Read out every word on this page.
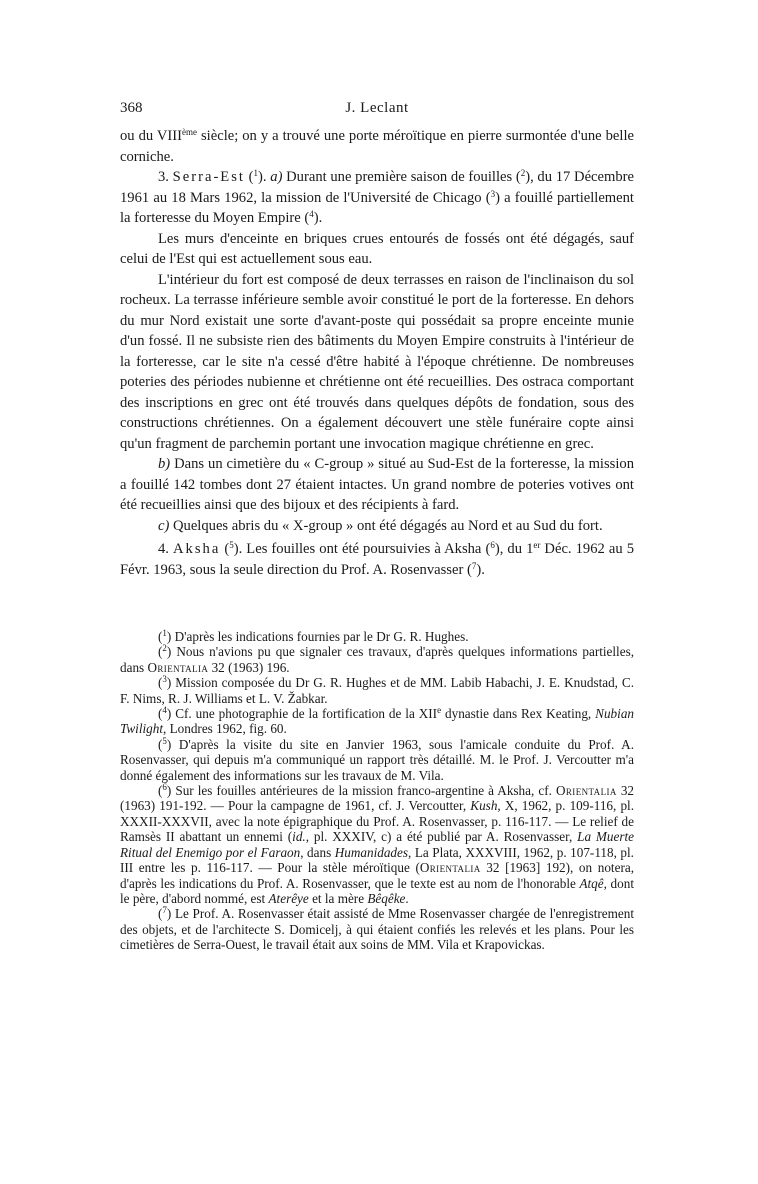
368	J. Leclant

ou du VIIIème siècle; on y a trouvé une porte méroïtique en pierre surmontée d'une belle corniche.

3. Serra-Est ($^1$). a) Durant une première saison de fouilles ($^2$), du 17 Décembre 1961 au 18 Mars 1962, la mission de l'Université de Chicago ($^3$) a fouillé partiellement la forteresse du Moyen Empire ($^4$).

Les murs d'enceinte en briques crues entourés de fossés ont été dégagés, sauf celui de l'Est qui est actuellement sous eau.

L'intérieur du fort est composé de deux terrasses en raison de l'inclinaison du sol rocheux. La terrasse inférieure semble avoir constitué le port de la forteresse. En dehors du mur Nord existait une sorte d'avant-poste qui possédait sa propre enceinte munie d'un fossé. Il ne subsiste rien des bâtiments du Moyen Empire construits à l'intérieur de la forteresse, car le site n'a cessé d'être habité à l'époque chrétienne. De nombreuses poteries des périodes nubienne et chrétienne ont été recueillies. Des ostraca comportant des inscriptions en grec ont été trouvés dans quelques dépôts de fondation, sous des constructions chrétiennes. On a également découvert une stèle funéraire copte ainsi qu'un fragment de parchemin portant une invocation magique chrétienne en grec.

b) Dans un cimetière du « C-group » situé au Sud-Est de la forteresse, la mission a fouillé 142 tombes dont 27 étaient intactes. Un grand nombre de poteries votives ont été recueillies ainsi que des bijoux et des récipients à fard.

c) Quelques abris du « X-group » ont été dégagés au Nord et au Sud du fort.

4. Aksha ($^5$). Les fouilles ont été poursuivies à Aksha ($^6$), du 1er Déc. 1962 au 5 Févr. 1963, sous la seule direction du Prof. A. Rosenvasser ($^7$).

($^1$) D'après les indications fournies par le Dr G. R. Hughes.

($^2$) Nous n'avions pu que signaler ces travaux, d'après quelques informations partielles, dans Orientalia 32 (1963) 196.

($^3$) Mission composée du Dr G. R. Hughes et de MM. Labib Habachi, J. E. Knudstad, C. F. Nims, R. J. Williams et L. V. Žabkar.

($^4$) Cf. une photographie de la fortification de la XIIe dynastie dans Rex Keating, Nubian Twilight, Londres 1962, fig. 60.

($^5$) D'après la visite du site en Janvier 1963, sous l'amicale conduite du Prof. A. Rosenvasser, qui depuis m'a communiqué un rapport très détaillé. M. le Prof. J. Vercoutter m'a donné également des informations sur les travaux de M. Vila.

($^6$) Sur les fouilles antérieures de la mission franco-argentine à Aksha, cf. Orientalia 32 (1963) 191-192. — Pour la campagne de 1961, cf. J. Vercoutter, Kush, X, 1962, p. 109-116, pl. XXXII-XXXVII, avec la note épigraphique du Prof. A. Rosenvasser, p. 116-117. — Le relief de Ramsès II abattant un ennemi (id., pl. XXXIV, c) a été publié par A. Rosenvasser, La Muerte Ritual del Enemigo por el Faraon, dans Humanidades, La Plata, XXXVIII, 1962, p. 107-118, pl. III entre les p. 116-117. — Pour la stèle méroïtique (Orientalia 32 [1963] 192), on notera, d'après les indications du Prof. A. Rosenvasser, que le texte est au nom de l'honorable Atqê, dont le père, d'abord nommé, est Aterêye et la mère Bêqêke.

($^7$) Le Prof. A. Rosenvasser était assisté de Mme Rosenvasser chargée de l'enregistrement des objets, et de l'architecte S. Domicelj, à qui étaient confiés les relevés et les plans. Pour les cimetières de Serra-Ouest, le travail était aux soins de MM. Vila et Krapovickas.
